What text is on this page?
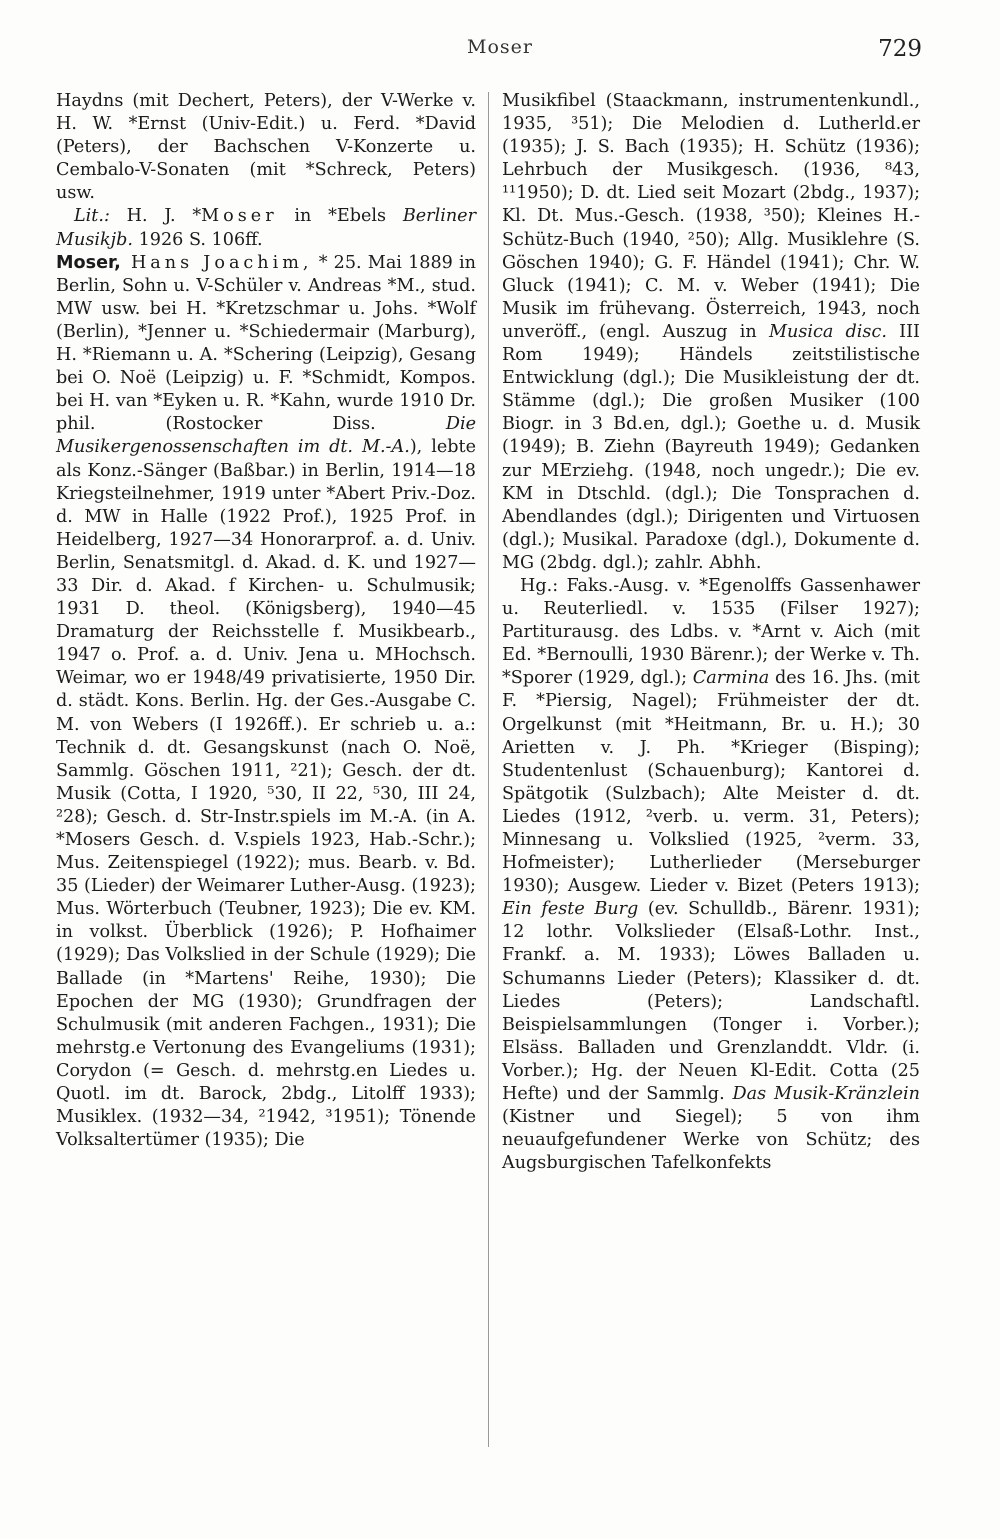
Moser	729

Haydns (mit Dechert, Peters), der V-Werke v. H. W. *Ernst (Univ-Edit.) u. Ferd. *David (Peters), der Bachschen V-Konzerte u. Cembalo-V-Sonaten (mit *Schreck, Peters) usw.

Lit.: H. J. *Moser in *Ebels Berliner Musikjb. 1926 S. 106ff.

Moser, Hans Joachim, * 25. Mai 1889 in Berlin, Sohn u. V-Schüler v. Andreas *M., stud. MW usw. bei H. *Kretzschmar u. Johs. *Wolf (Berlin), *Jenner u. *Schiedermair (Marburg), H. *Riemann u. A. *Schering (Leipzig), Gesang bei O. Noë (Leipzig) u. F. *Schmidt, Kompos. bei H. van *Eyken u. R. *Kahn, wurde 1910 Dr. phil. (Rostocker Diss. Die Musikergenossenschaften im dt. M.-A.), lebte als Konz.-Sänger (Baßbar.) in Berlin, 1914—18 Kriegsteilnehmer, 1919 unter *Abert Priv.-Doz. d. MW in Halle (1922 Prof.), 1925 Prof. in Heidelberg, 1927—34 Honorarprof. a. d. Univ. Berlin, Senatsmitgl. d. Akad. d. K. und 1927—33 Dir. d. Akad. f Kirchen- u. Schulmusik; 1931 D. theol. (Königsberg), 1940—45 Dramaturg der Reichsstelle f. Musikbearb., 1947 o. Prof. a. d. Univ. Jena u. MHochsch. Weimar, wo er 1948/49 privatisierte, 1950 Dir. d. städt. Kons. Berlin. Hg. der Ges.-Ausgabe C. M. von Webers (I 1926ff.). Er schrieb u. a.: Technik d. dt. Gesangskunst (nach O. Noë, Sammlg. Göschen 1911, ²21); Gesch. der dt. Musik (Cotta, I 1920, ⁵30, II 22, ⁵30, III 24, ²28); Gesch. d. Str-Instr.spiels im M.-A. (in A. *Mosers Gesch. d. V.spiels 1923, Hab.-Schr.); Mus. Zeitenspiegel (1922); mus. Bearb. v. Bd. 35 (Lieder) der Weimarer Luther-Ausg. (1923); Mus. Wörterbuch (Teubner, 1923); Die ev. KM. in volkst. Überblick (1926); P. Hofhaimer (1929); Das Volkslied in der Schule (1929); Die Ballade (in *Martens' Reihe, 1930); Die Epochen der MG (1930); Grundfragen der Schulmusik (mit anderen Fachgen., 1931); Die mehrstg.e Vertonung des Evangeliums (1931); Corydon (= Gesch. d. mehrstg.en Liedes u. Quotl. im dt. Barock, 2bdg., Litolff 1933); Musiklex. (1932—34, ²1942, ³1951); Tönende Volksaltertümer (1935); Die

Musikfibel (Staackmann, instrumentenkundl., 1935, ³51); Die Melodien d. Lutherld.er (1935); J. S. Bach (1935); H. Schütz (1936); Lehrbuch der Musikgesch. (1936, ⁸43, ¹¹1950); D. dt. Lied seit Mozart (2bdg., 1937); Kl. Dt. Mus.-Gesch. (1938, ³50); Kleines H.-Schütz-Buch (1940, ²50); Allg. Musiklehre (S. Göschen 1940); G. F. Händel (1941); Chr. W. Gluck (1941); C. M. v. Weber (1941); Die Musik im frühevang. Österreich, 1943, noch unveröff., (engl. Auszug in Musica disc. III Rom 1949); Händels zeitstilistische Entwicklung (dgl.); Die Musikleistung der dt. Stämme (dgl.); Die großen Musiker (100 Biogr. in 3 Bd.en, dgl.); Goethe u. d. Musik (1949); B. Ziehn (Bayreuth 1949); Gedanken zur MErziehg. (1948, noch ungedr.); Die ev. KM in Dtschld. (dgl.); Die Tonsprachen d. Abendlandes (dgl.); Dirigenten und Virtuosen (dgl.); Musikal. Paradoxe (dgl.), Dokumente d. MG (2bdg. dgl.); zahlr. Abhh.

Hg.: Faks.-Ausg. v. *Egenolffs Gassenhawer u. Reuterliedl. v. 1535 (Filser 1927); Partiturausg. des Ldbs. v. *Arnt v. Aich (mit Ed. *Bernoulli, 1930 Bärenr.); der Werke v. Th. *Sporer (1929, dgl.); Carmina des 16. Jhs. (mit F. *Piersig, Nagel); Frühmeister der dt. Orgelkunst (mit *Heitmann, Br. u. H.); 30 Arietten v. J. Ph. *Krieger (Bisping); Studentenlust (Schauenburg); Kantorei d. Spätgotik (Sulzbach); Alte Meister d. dt. Liedes (1912, ²verb. u. verm. 31, Peters); Minnesang u. Volkslied (1925, ²verm. 33, Hofmeister); Lutherlieder (Merseburger 1930); Ausgew. Lieder v. Bizet (Peters 1913); Ein feste Burg (ev. Schulldb., Bärenr. 1931); 12 lothr. Volkslieder (Elsaß-Lothr. Inst., Frankf. a. M. 1933); Löwes Balladen u. Schumanns Lieder (Peters); Klassiker d. dt. Liedes (Peters); Landschaftl. Beispielsammlungen (Tonger i. Vorber.); Elsäss. Balladen und Grenzlanddt. Vldr. (i. Vorber.); Hg. der Neuen Kl-Edit. Cotta (25 Hefte) und der Sammlg. Das Musik-Kränzlein (Kistner und Siegel); 5 von ihm neuaufgefundener Werke von Schütz; des Augsburgischen Tafelkonfekts
